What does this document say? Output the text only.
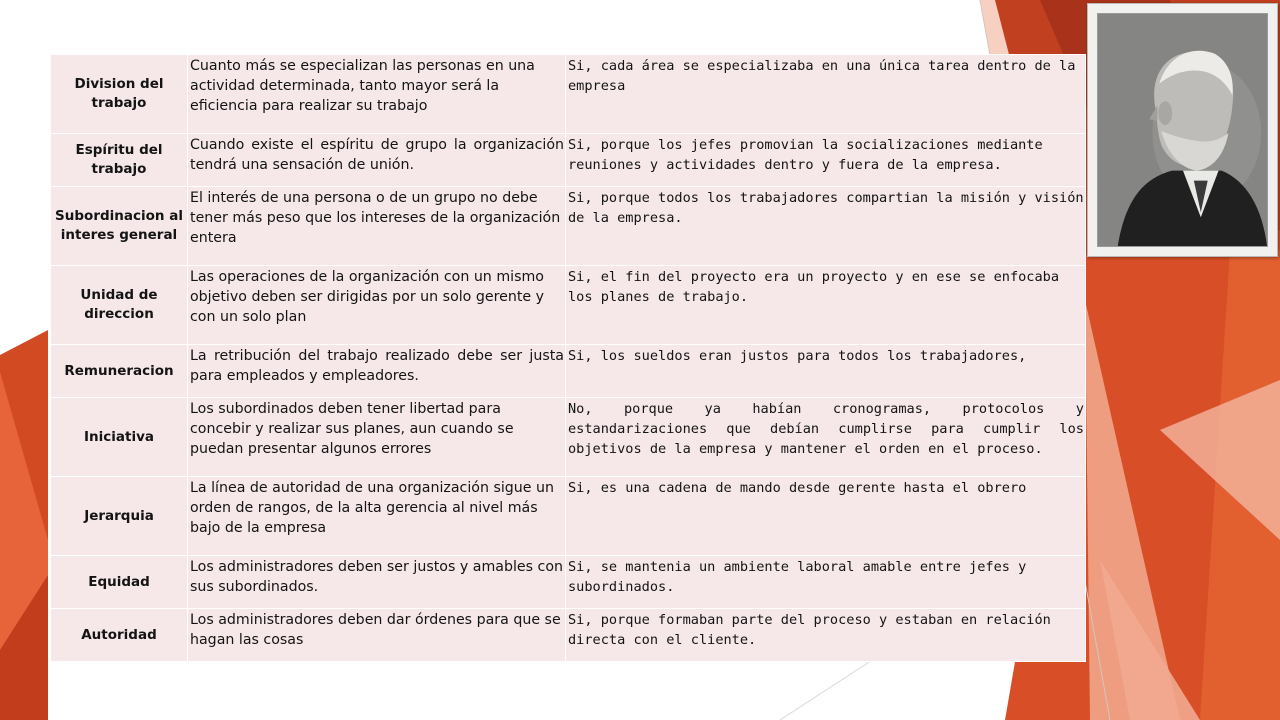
Division del trabajo	Cuanto más se especializan las personas en una actividad determinada, tanto mayor será la eficiencia para realizar su trabajo	Si, cada área se especializaba en una única tarea dentro de la empresa
Espíritu del trabajo	Cuando existe el espíritu de grupo la organización tendrá una sensación de unión.	Si, porque los jefes promovian la socializaciones mediante reuniones y actividades dentro y fuera de la empresa.
Subordinacion al interes general	El interés de una persona o de un grupo no debe tener más peso que los intereses de la organización entera	Si, porque todos los trabajadores compartian la misión y visión de la empresa.
Unidad de direccion	Las operaciones de la organización con un mismo objetivo deben ser dirigidas por un solo gerente y con un solo plan	Si, el fin del proyecto era un proyecto y en ese se enfocaba los planes de trabajo.
Remuneracion	La retribución del trabajo realizado debe ser justa para empleados y empleadores.	Si, los sueldos eran justos para todos los trabajadores,
Iniciativa	Los subordinados deben tener libertad para concebir y realizar sus planes, aun cuando se puedan presentar algunos errores	No, porque ya habían cronogramas, protocolos y estandarizaciones que debían cumplirse para cumplir los objetivos de la empresa y mantener el orden en el proceso.
Jerarquia	La línea de autoridad de una organización sigue un orden de rangos, de la alta gerencia al nivel más bajo de la empresa	Si, es una cadena de mando desde gerente hasta el obrero
Equidad	Los administradores deben ser justos y amables con sus subordinados.	Si, se mantenia un ambiente laboral amable entre jefes y subordinados.
Autoridad	Los administradores deben dar órdenes para que se hagan las cosas	Si, porque formaban parte del proceso y estaban en relación directa con el cliente.
